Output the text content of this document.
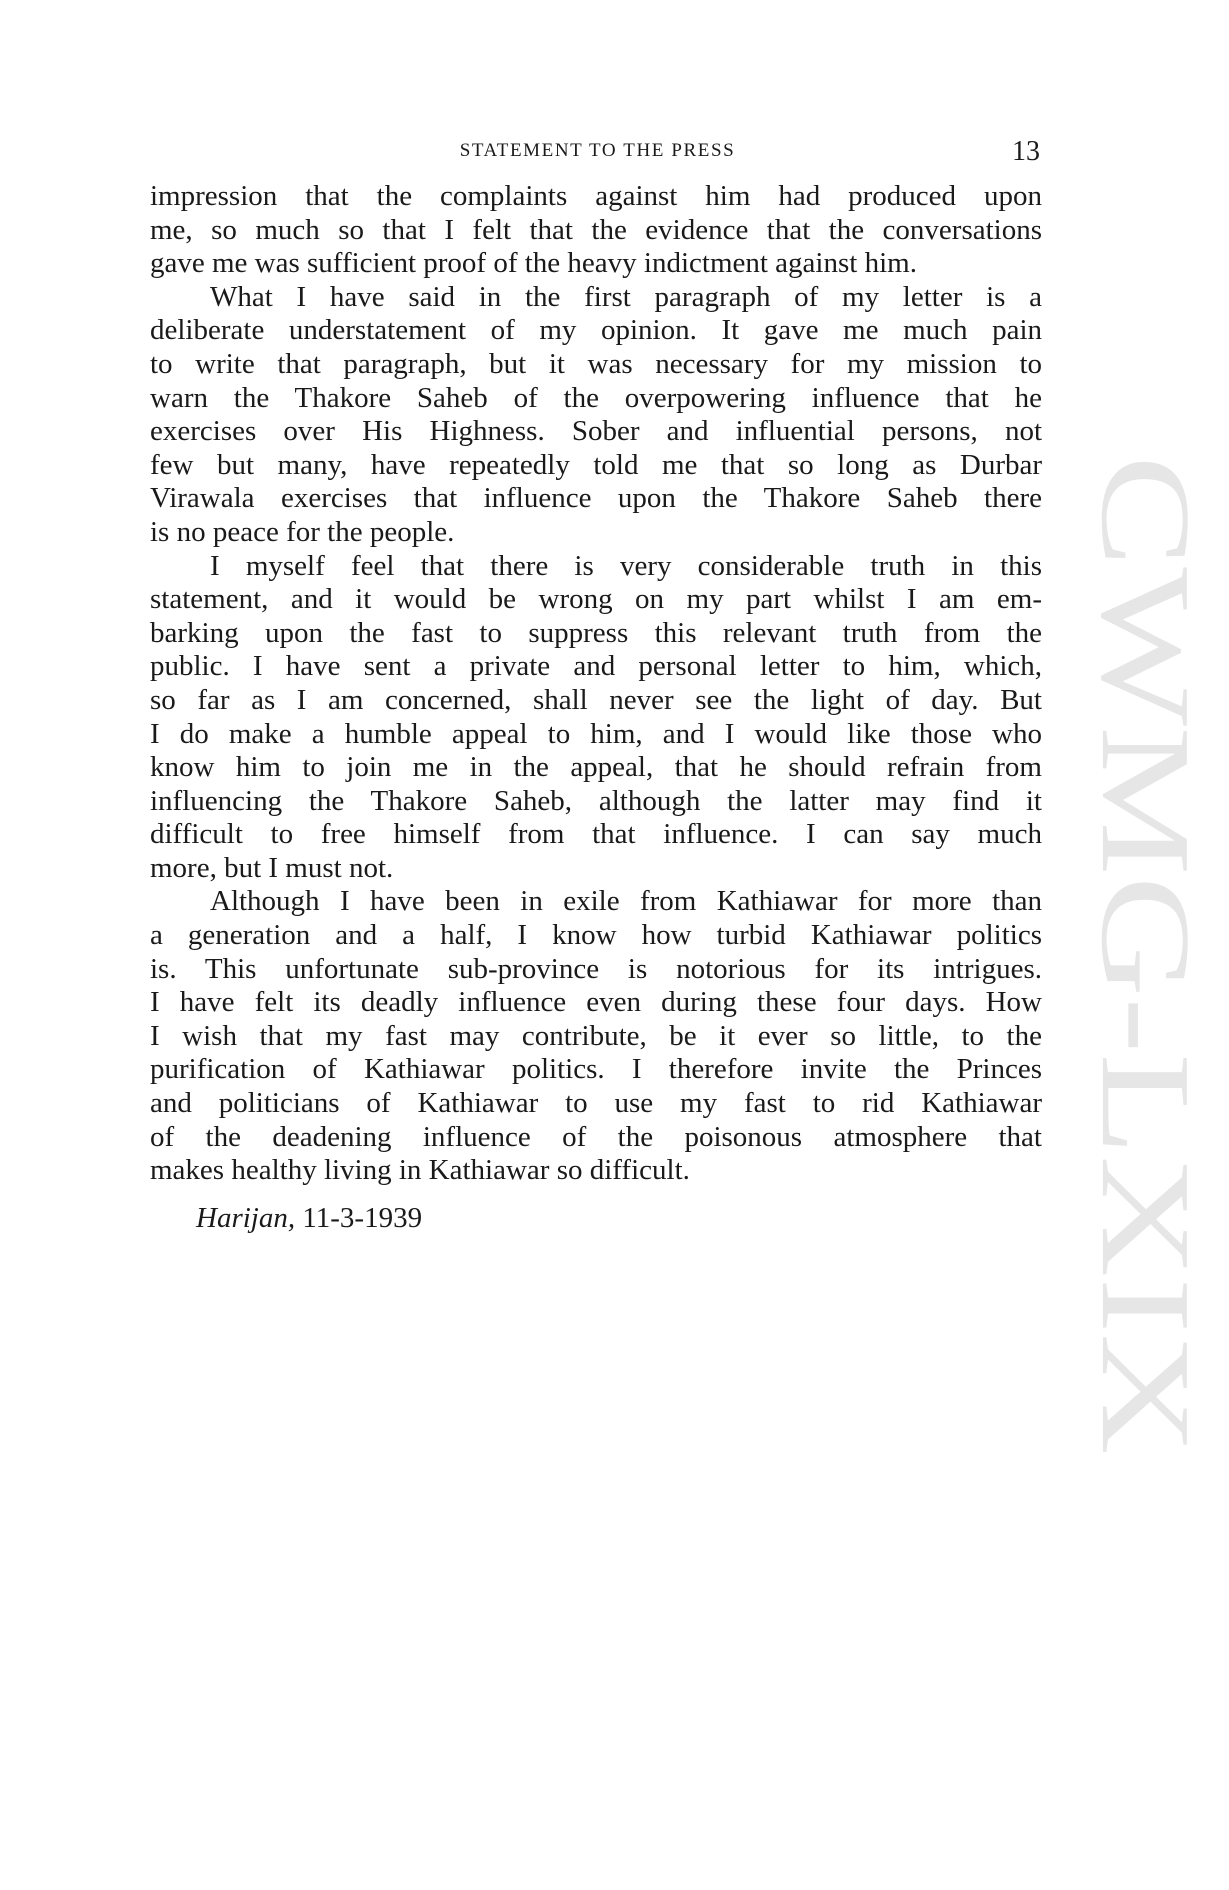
STATEMENT TO THE PRESS	13
CWMG-LXIX

impression that the complaints against him had produced upon
me, so much so that I felt that the evidence that the conversations
gave me was sufficient proof of the heavy indictment against him.

What I have said in the first paragraph of my letter is a
deliberate understatement of my opinion. It gave me much pain
to write that paragraph, but it was necessary for my mission to
warn the Thakore Saheb of the overpowering influence that he
exercises over His Highness. Sober and influential persons, not
few but many, have repeatedly told me that so long as Durbar
Virawala exercises that influence upon the Thakore Saheb there
is no peace for the people.

I myself feel that there is very considerable truth in this
statement, and it would be wrong on my part whilst I am em-
barking upon the fast to suppress this relevant truth from the
public. I have sent a private and personal letter to him, which,
so far as I am concerned, shall never see the light of day. But
I do make a humble appeal to him, and I would like those who
know him to join me in the appeal, that he should refrain from
influencing the Thakore Saheb, although the latter may find it
difficult to free himself from that influence. I can say much
more, but I must not.

Although I have been in exile from Kathiawar for more than
a generation and a half, I know how turbid Kathiawar politics
is. This unfortunate sub-province is notorious for its intrigues.
I have felt its deadly influence even during these four days. How
I wish that my fast may contribute, be it ever so little, to the
purification of Kathiawar politics. I therefore invite the Princes
and politicians of Kathiawar to use my fast to rid Kathiawar
of the deadening influence of the poisonous atmosphere that
makes healthy living in Kathiawar so difficult.

Harijan, 11-3-1939
